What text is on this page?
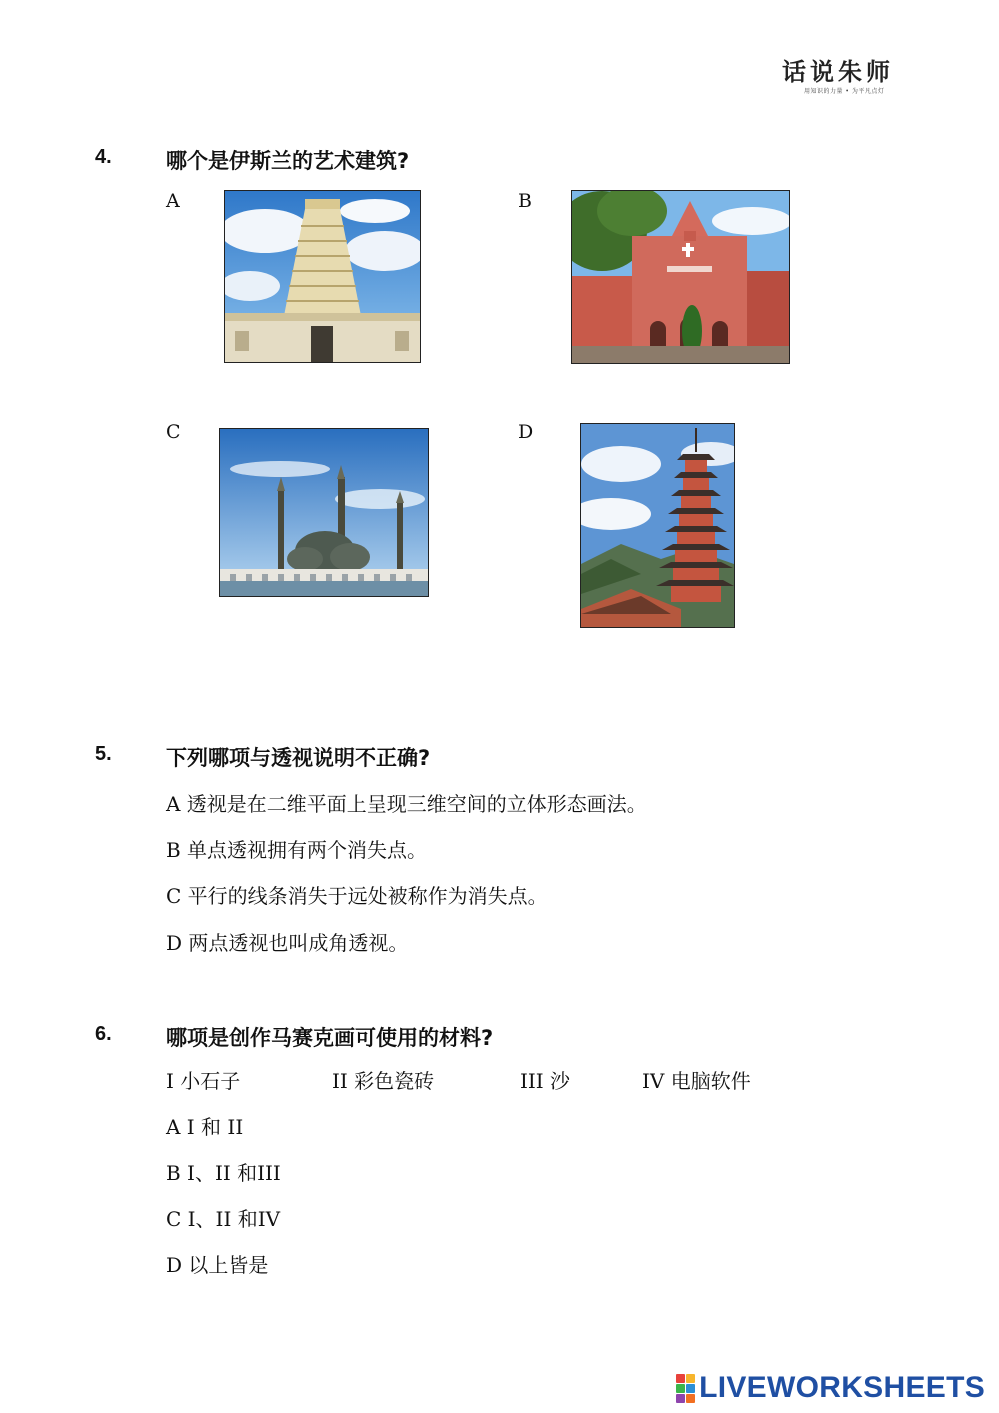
话说朱师
用知识的力量 • 为平凡点灯
4.	哪个是伊斯兰的艺术建筑?
A	B
C	D
5.	下列哪项与透视说明不正确?
A 透视是在二维平面上呈现三维空间的立体形态画法。
B 单点透视拥有两个消失点。
C 平行的线条消失于远处被称作为消失点。
D 两点透视也叫成角透视。
6.	哪项是创作马赛克画可使用的材料?
I 小石子	II 彩色瓷砖	III 沙	IV 电脑软件
A I 和 II
B I、II 和III
C I、II 和IV
D 以上皆是
LIVEWORKSHEETS
